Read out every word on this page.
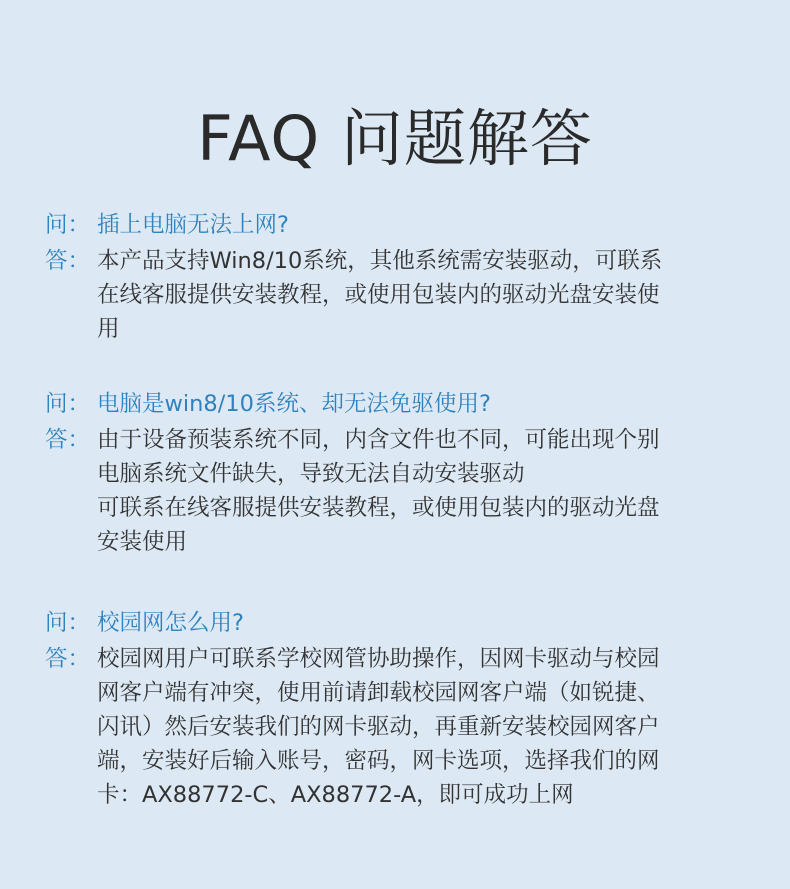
FAQ 问题解答
问： 插上电脑无法上网?
答： 本产品支持Win8/10系统，其他系统需安装驱动，可联系
在线客服提供安装教程，或使用包装内的驱动光盘安装使
用
问： 电脑是win8/10系统、却无法免驱使用?
答： 由于设备预装系统不同，内含文件也不同，可能出现个别
电脑系统文件缺失，导致无法自动安装驱动
可联系在线客服提供安装教程，或使用包装内的驱动光盘
安装使用
问： 校园网怎么用?
答： 校园网用户可联系学校网管协助操作，因网卡驱动与校园
网客户端有冲突，使用前请卸载校园网客户端（如锐捷、
闪讯）然后安装我们的网卡驱动，再重新安装校园网客户
端，安装好后输入账号，密码，网卡选项，选择我们的网
卡：AX88772-C、AX88772-A，即可成功上网
